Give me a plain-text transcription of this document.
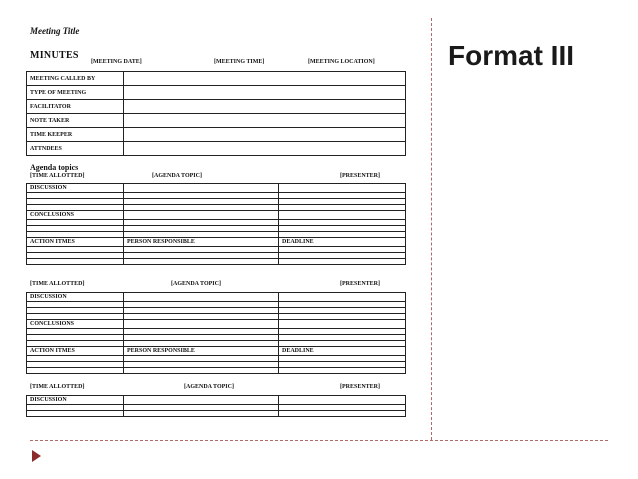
Format III
Meeting Title
MINUTES
[MEETING DATE]	[MEETING TIME]	[MEETING LOCATION]
MEETING CALLED BY	
TYPE OF MEETING	
FACILITATOR	
NOTE TAKER	
TIME KEEPER	
ATTNDEES	
Agenda topics
[TIME ALLOTTED]	[AGENDA TOPIC]	[PRESENTER]
DISCUSSION		

CONCLUSIONS		

ACTION ITMES	PERSON RESPONSIBLE	DEADLINE

[TIME ALLOTTED]	[AGENDA TOPIC]	[PRESENTER]
DISCUSSION		

CONCLUSIONS		

ACTION ITMES	PERSON RESPONSIBLE	DEADLINE

[TIME ALLOTTED]	[AGENDA TOPIC]	[PRESENTER]
DISCUSSION		
